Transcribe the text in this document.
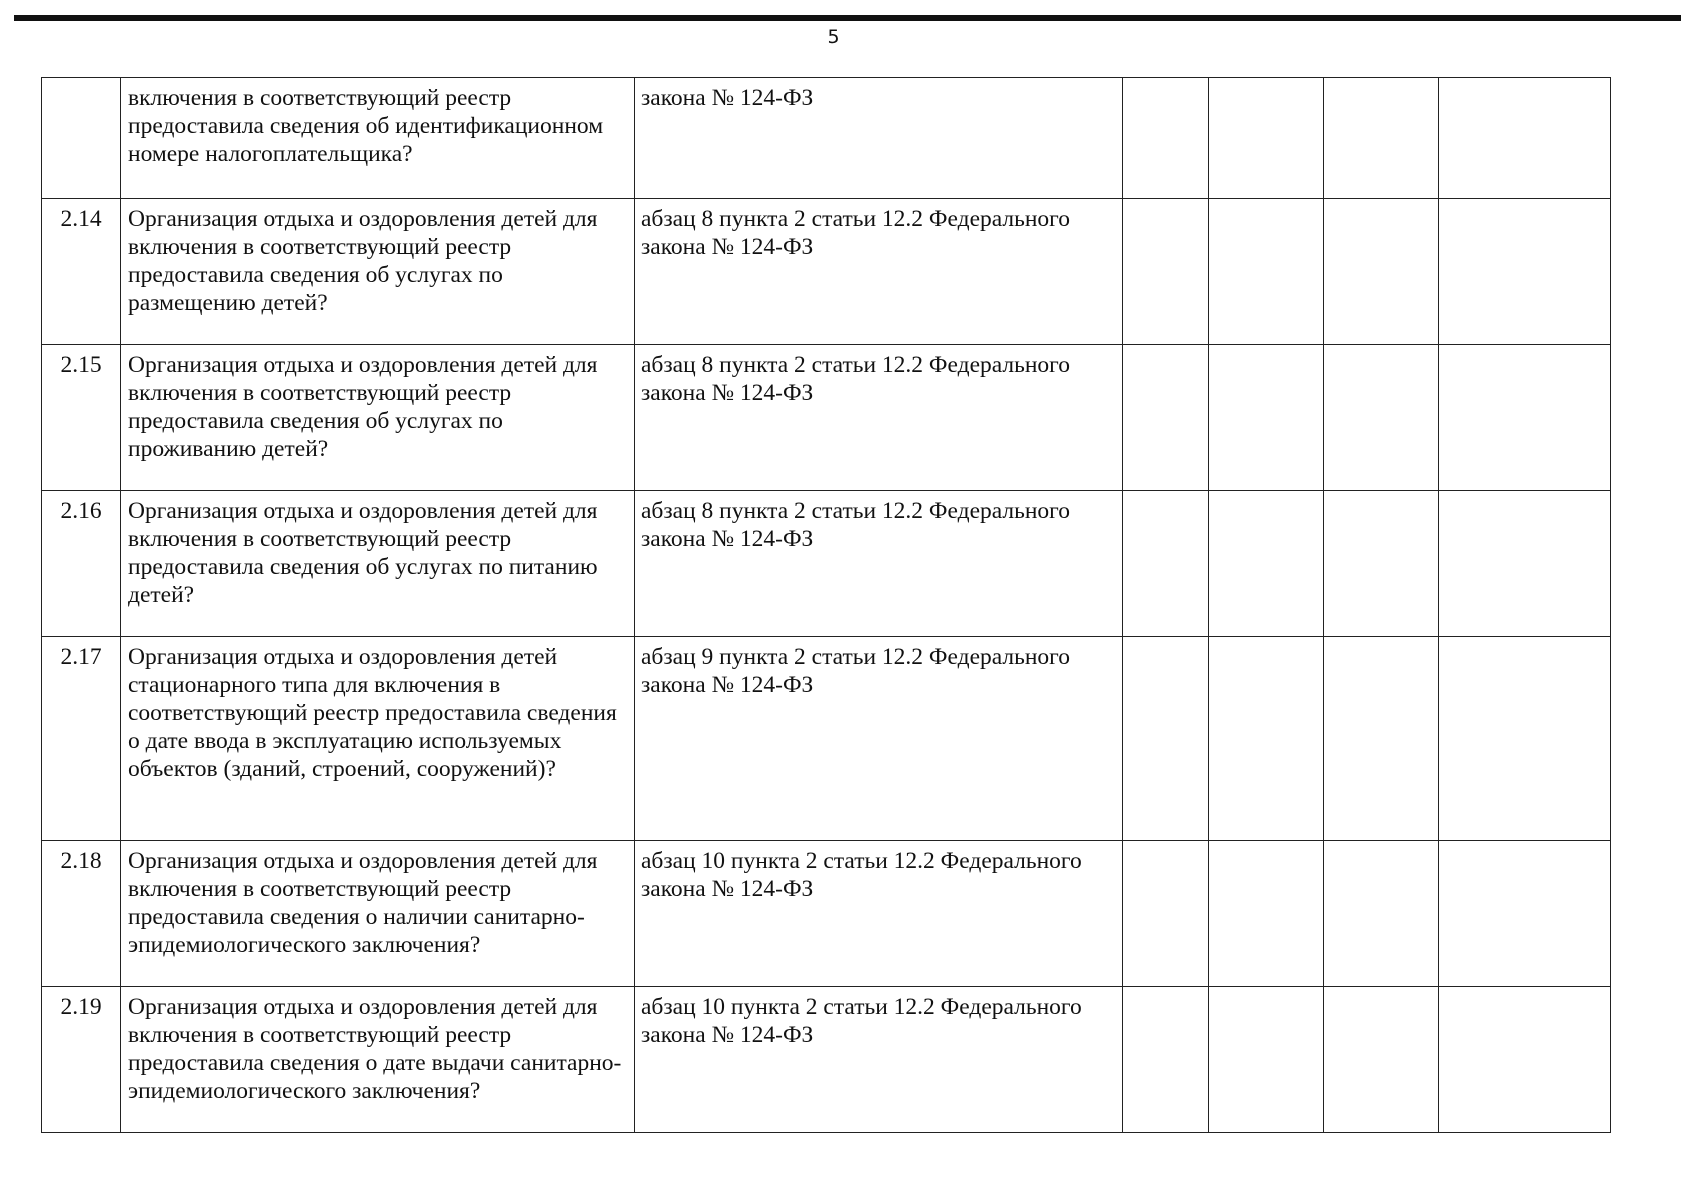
5
	включения в соответствующий реестр предоставила сведения об идентификационном номере налогоплательщика?	закона № 124-ФЗ				
2.14	Организация отдыха и оздоровления детей для включения в соответствующий реестр предоставила сведения об услугах по размещению детей?	абзац 8 пункта 2 статьи 12.2 Федерального закона № 124-ФЗ				
2.15	Организация отдыха и оздоровления детей для включения в соответствующий реестр предоставила сведения об услугах по проживанию детей?	абзац 8 пункта 2 статьи 12.2 Федерального закона № 124-ФЗ				
2.16	Организация отдыха и оздоровления детей для включения в соответствующий реестр предоставила сведения об услугах по питанию детей?	абзац 8 пункта 2 статьи 12.2 Федерального закона № 124-ФЗ				
2.17	Организация отдыха и оздоровления детей стационарного типа для включения в соответствующий реестр предоставила сведения о дате ввода в эксплуатацию используемых объектов (зданий, строений, сооружений)?	абзац 9 пункта 2 статьи 12.2 Федерального закона № 124-ФЗ				
2.18	Организация отдыха и оздоровления детей для включения в соответствующий реестр предоставила сведения о наличии санитарно-эпидемиологического заключения?	абзац 10 пункта 2 статьи 12.2 Федерального закона № 124-ФЗ				
2.19	Организация отдыха и оздоровления детей для включения в соответствующий реестр предоставила сведения о дате выдачи санитарно-эпидемиологического заключения?	абзац 10 пункта 2 статьи 12.2 Федерального закона № 124-ФЗ				
